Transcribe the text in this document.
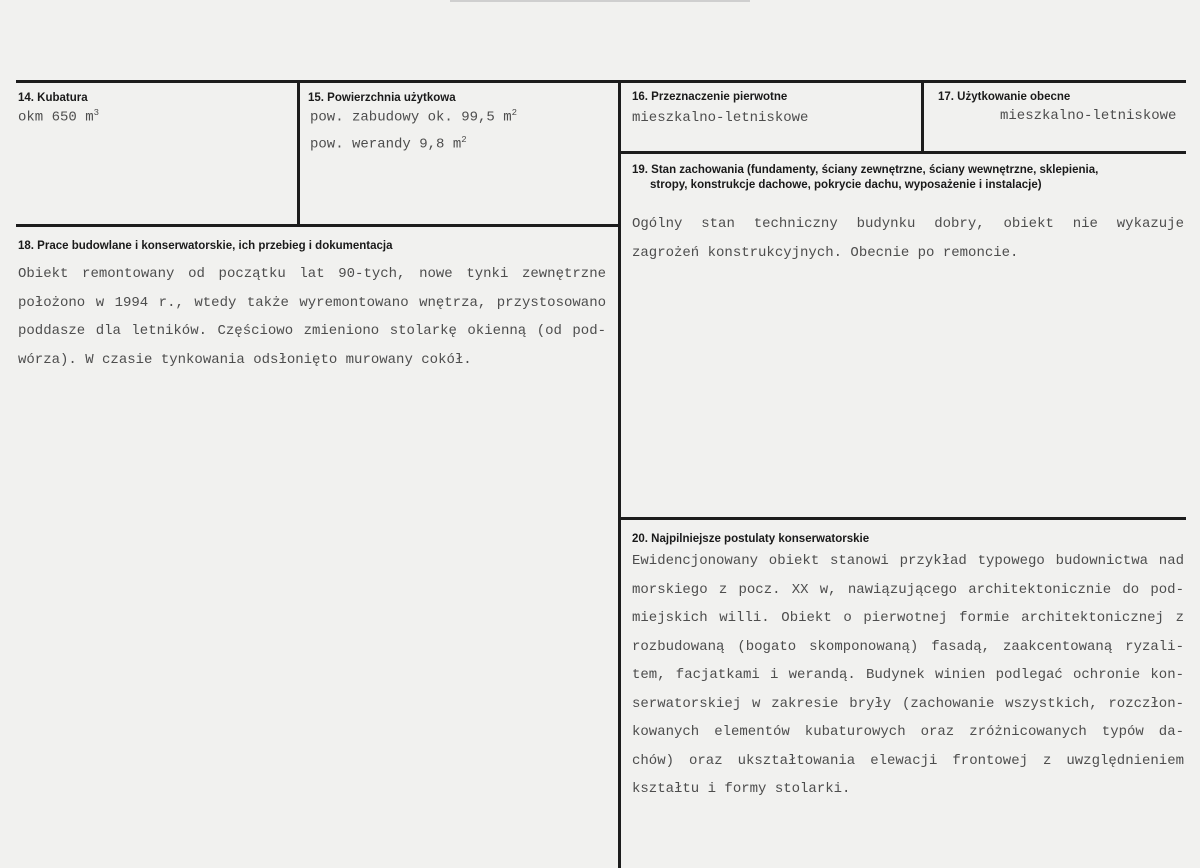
14. Kubatura
okm 650 $m^3$
15. Powierzchnia użytkowa
pow. zabudowy ok. 99,5 $m^2$
pow. werandy 9,8 $m^2$
16. Przeznaczenie pierwotne
mieszkalno-letniskowe
17. Użytkowanie obecne
mieszkalno-letniskowe
19. Stan zachowania (fundamenty, ściany zewnętrzne, ściany wewnętrzne, sklepienia,
stropy, konstrukcje dachowe, pokrycie dachu, wyposażenie i instalacje)
Ogólny stan techniczny budynku dobry, obiekt nie wykazuje
zagrożeń konstrukcyjnych. Obecnie po remoncie.
18. Prace budowlane i konserwatorskie, ich przebieg i dokumentacja
Obiekt remontowany od początku lat 90-tych, nowe tynki zewnętrzne
położono w 1994 r., wtedy także wyremontowano wnętrza, przystosowano
poddasze dla letników. Częściowo zmieniono stolarkę okienną (od pod-
wórza). W czasie tynkowania odsłonięto murowany cokół.
20. Najpilniejsze postulaty konserwatorskie
Ewidencjonowany obiekt stanowi przykład typowego budownictwa nad
morskiego z pocz. XX w, nawiązującego architektonicznie do pod-
miejskich willi. Obiekt o pierwotnej formie architektonicznej z
rozbudowaną (bogato skomponowaną) fasadą, zaakcentowaną ryzali-
tem, facjatkami i werandą. Budynek winien podlegać ochronie kon-
serwatorskiej w zakresie bryły (zachowanie wszystkich, rozczłon-
kowanych elementów kubaturowych oraz zróżnicowanych typów da-
chów) oraz ukształtowania elewacji frontowej z uwzględnieniem
kształtu i formy stolarki.
